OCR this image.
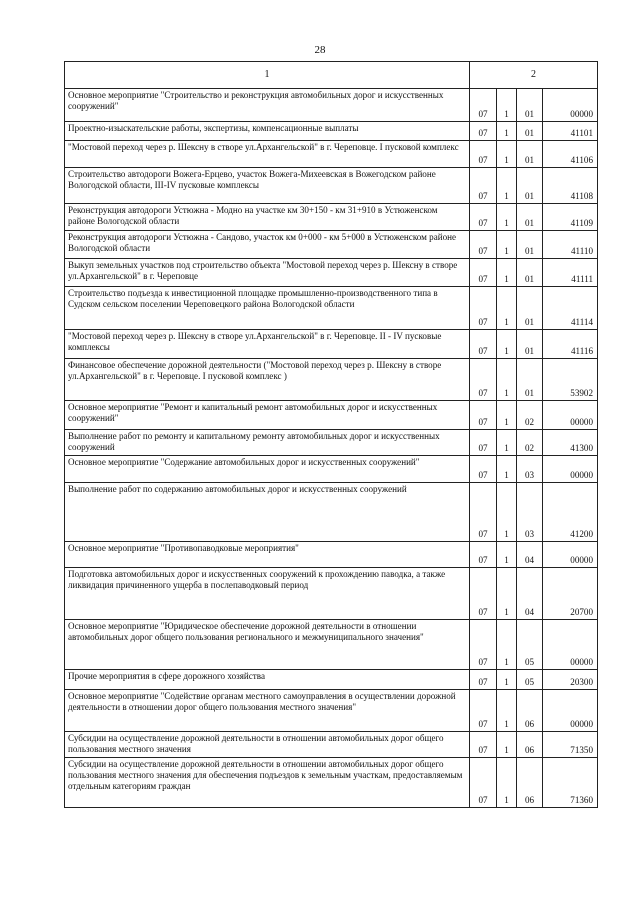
28
1	2			
Основное мероприятие "Строительство и реконструкция автомобильных дорог и искусственных сооружений"	07	1	01	00000
Проектно-изыскательские работы, экспертизы, компенсационные выплаты	07	1	01	41101
"Мостовой переход через р. Шексну в створе ул.Архангельской" в г. Череповце. I пусковой комплекс	07	1	01	41106
Строительство автодороги Вожега-Ерцево, участок Вожега-Михеевская в Вожегодском районе Вологодской области, III-IV пусковые комплексы	07	1	01	41108
Реконструкция автодороги Устюжна - Модно на участке км 30+150 - км 31+910 в Устюженском районе Вологодской области	07	1	01	41109
Реконструкция автодороги Устюжна - Сандово, участок км 0+000 - км 5+000 в Устюженском районе Вологодской области	07	1	01	41110
Выкуп земельных участков под строительство объекта "Мостовой переход через р. Шексну в створе ул.Архангельской" в г. Череповце	07	1	01	41111
Строительство подъезда к инвестиционной площадке промышленно-производственного типа в Судском сельском поселении Череповецкого района Вологодской области	07	1	01	41114
"Мостовой переход через р. Шексну в створе ул.Архангельской" в г. Череповце. II - IV пусковые комплексы	07	1	01	41116
Финансовое обеспечение дорожной деятельности ("Мостовой переход через р. Шексну в створе ул.Архангельской" в г. Череповце. I пусковой комплекс )	07	1	01	53902
Основное мероприятие "Ремонт и капитальный ремонт автомобильных дорог и искусственных сооружений"	07	1	02	00000
Выполнение работ по ремонту и капитальному ремонту автомобильных дорог и искусственных сооружений	07	1	02	41300
Основное мероприятие "Содержание автомобильных дорог и искусственных сооружений"	07	1	03	00000
Выполнение работ по содержанию автомобильных дорог и искусственных сооружений	07	1	03	41200
Основное мероприятие "Противопаводковые мероприятия"	07	1	04	00000
Подготовка автомобильных дорог и искусственных сооружений к прохождению паводка, а также ликвидация причиненного ущерба в послепаводковый период	07	1	04	20700
Основное мероприятие "Юридическое обеспечение дорожной деятельности в отношении автомобильных дорог общего пользования регионального и межмуниципального значения"	07	1	05	00000
Прочие мероприятия в сфере дорожного хозяйства	07	1	05	20300
Основное мероприятие "Содействие органам местного самоуправления в осуществлении дорожной деятельности в отношении дорог общего пользования местного значения"	07	1	06	00000
Субсидии на осуществление дорожной деятельности в отношении автомобильных дорог общего пользования местного значения	07	1	06	71350
Субсидии на осуществление дорожной деятельности в отношении автомобильных дорог общего пользования местного значения для обеспечения подъездов к земельным участкам, предоставляемым отдельным категориям граждан	07	1	06	71360
